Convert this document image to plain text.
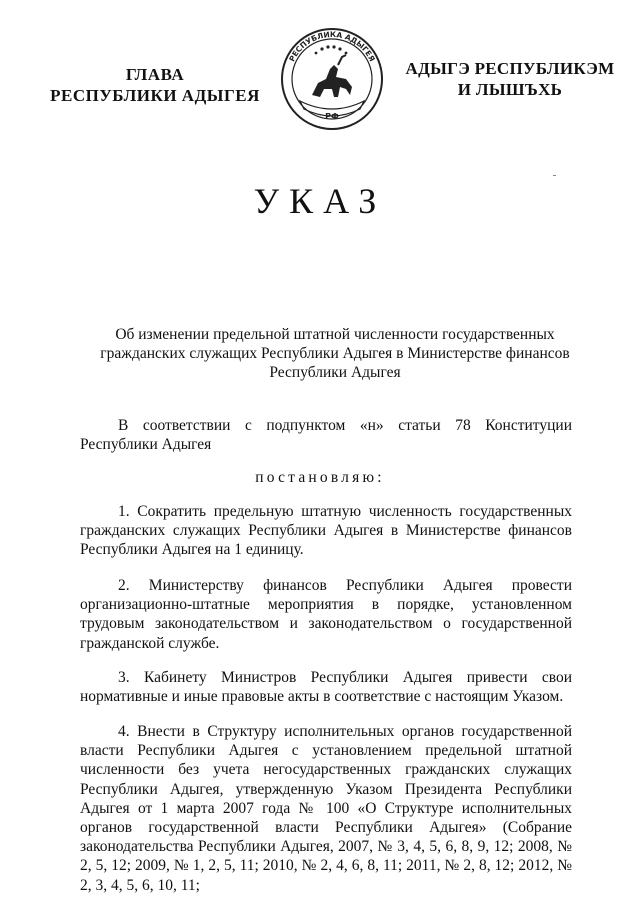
ГЛАВА
РЕСПУБЛИКИ АДЫГЕЯ
РЕСПУБЛИКА АДЫГЕЯ
РФ
АДЫГЭ РЕСПУБЛИКЭМ
И ЛЫШЪХЬ
УКАЗ
Об изменении предельной штатной численности государственных
гражданских служащих Республики Адыгея в Министерстве финансов
Республики Адыгея
В соответствии с подпунктом «н» статьи 78 Конституции Республики Адыгея
постановляю:
1. Сократить предельную штатную численность государственных гражданских служащих Республики Адыгея в Министерстве финансов Республики Адыгея на 1 единицу.
2. Министерству финансов Республики Адыгея провести организационно-штатные мероприятия в порядке, установленном трудовым законодательством и законодательством о государственной гражданской службе.
3. Кабинету Министров Республики Адыгея привести свои нормативные и иные правовые акты в соответствие с настоящим Указом.
4. Внести в Структуру исполнительных органов государственной власти Республики Адыгея с установлением предельной штатной численности без учета негосударственных гражданских служащих Республики Адыгея, утвержденную Указом Президента Республики Адыгея от 1 марта 2007 года № 100 «О Структуре исполнительных органов государственной власти Республики Адыгея» (Собрание законодательства Республики Адыгея, 2007, № 3, 4, 5, 6, 8, 9, 12; 2008, № 2, 5, 12; 2009, № 1, 2, 5, 11; 2010, № 2, 4, 6, 8, 11; 2011, № 2, 8, 12; 2012, № 2, 3, 4, 5, 6, 10, 11;
